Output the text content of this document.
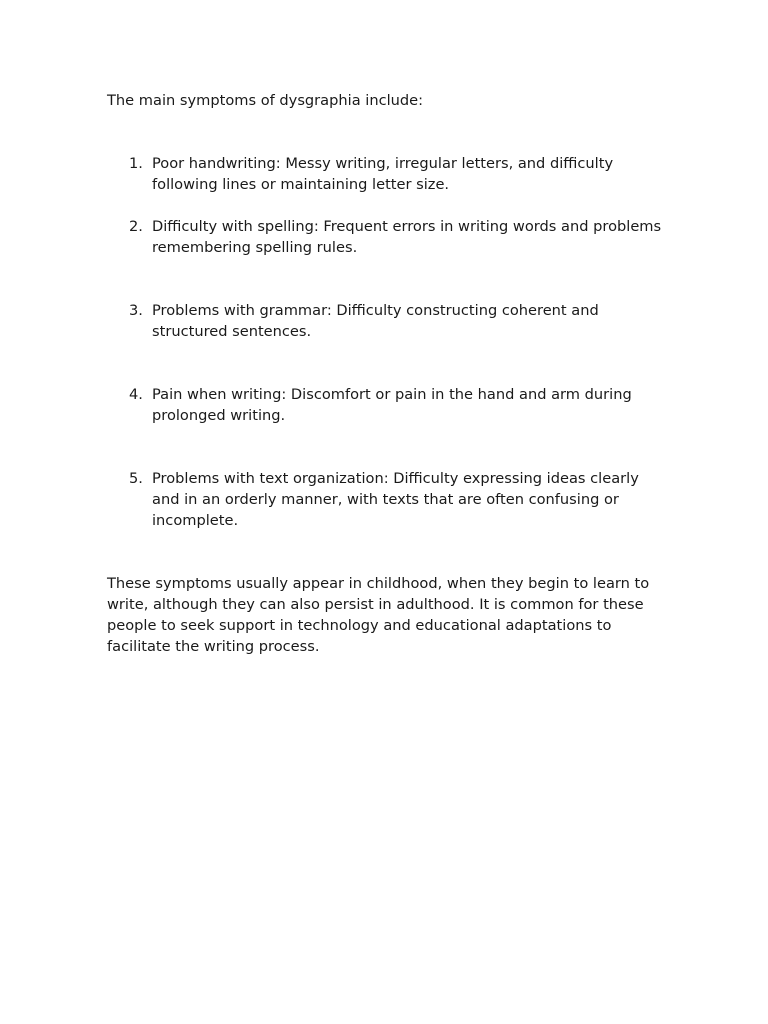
The main symptoms of dysgraphia include:

1. Poor handwriting: Messy writing, irregular letters, and difficulty following lines or maintaining letter size.
2. Difficulty with spelling: Frequent errors in writing words and problems remembering spelling rules.
3. Problems with grammar: Difficulty constructing coherent and structured sentences.
4. Pain when writing: Discomfort or pain in the hand and arm during prolonged writing.
5. Problems with text organization: Difficulty expressing ideas clearly and in an orderly manner, with texts that are often confusing or incomplete.

These symptoms usually appear in childhood, when they begin to learn to write, although they can also persist in adulthood. It is common for these people to seek support in technology and educational adaptations to facilitate the writing process.
